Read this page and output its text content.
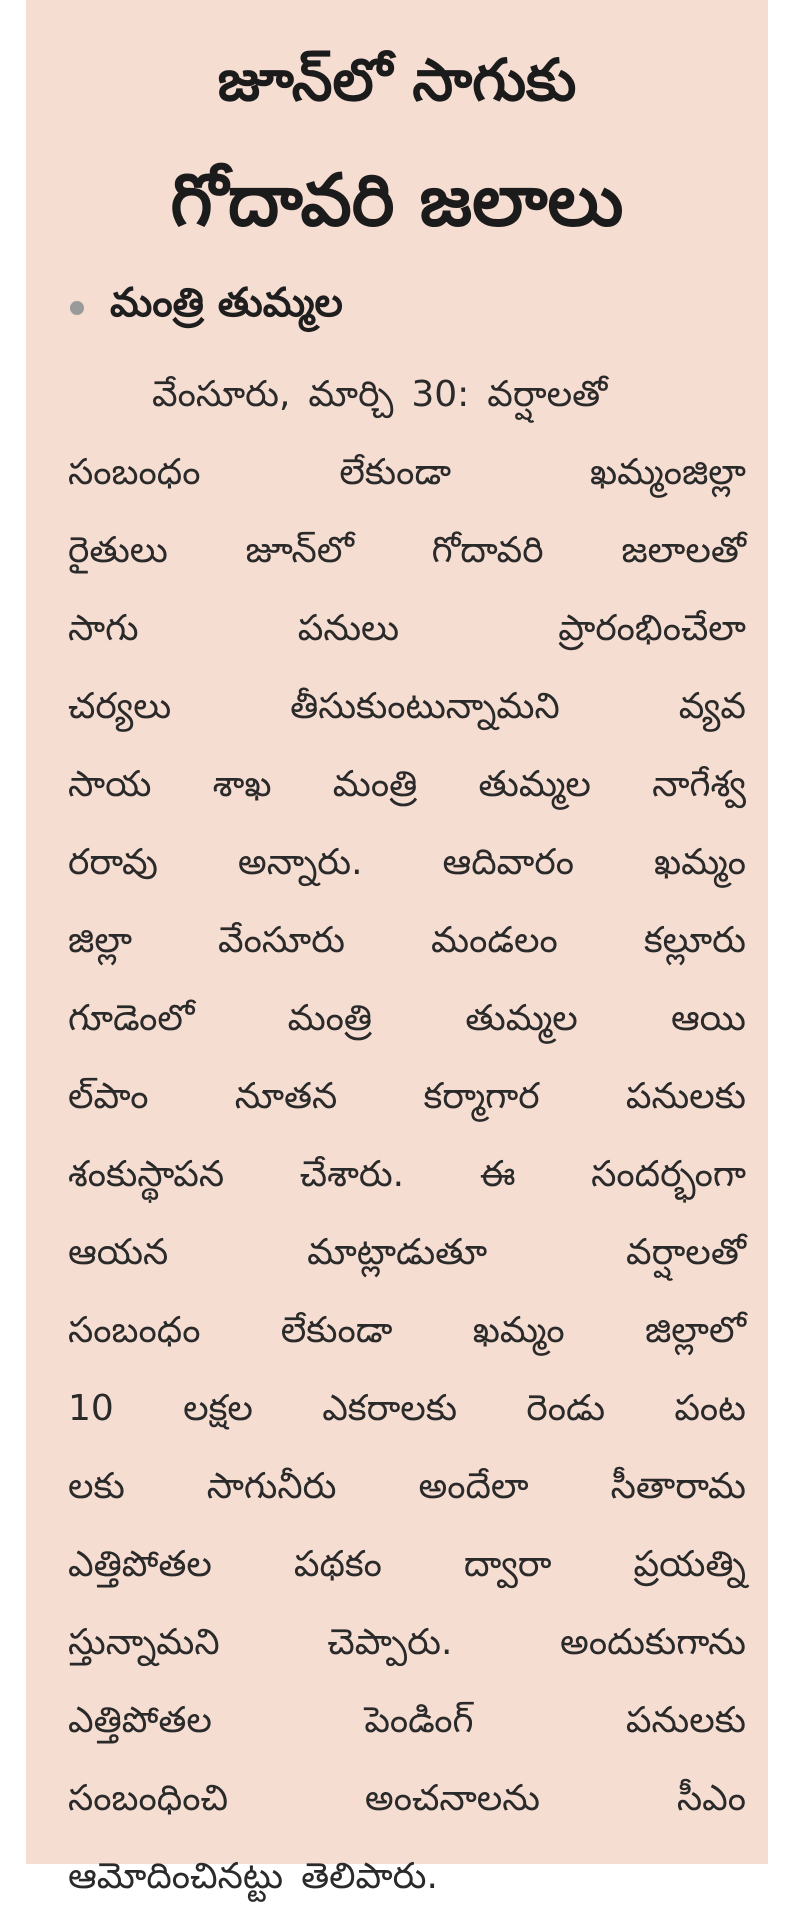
జూన్‌లో సాగుకు
గోదావరి జలాలు
మంత్రి తుమ్మల
వేంసూరు, మార్చి 30: వర్షాలతో
సంబంధం	లేకుండా	ఖమ్మంజిల్లా
రైతులు జూన్‌లో గోదావరి జలాలతో
సాగు	పనులు	ప్రారంభించేలా
చర్యలు	తీసుకుంటున్నామని	వ్యవ
సాయ శాఖ మంత్రి తుమ్మల నాగేశ్వ
రరావు అన్నారు. ఆదివారం ఖమ్మం
జిల్లా వేంసూరు మండలం కల్లూరు
గూడెంలో	మంత్రి	తుమ్మల	ఆయి
ల్‌పాం నూతన కర్మాగార పనులకు
శంకుస్థాపన చేశారు. ఈ సందర్భంగా
ఆయన	మాట్లాడుతూ	వర్షాలతో
సంబంధం లేకుండా ఖమ్మం జిల్లాలో
10 లక్షల ఎకరాలకు రెండు పంట
లకు సాగునీరు అందేలా సీతారామ
ఎత్తిపోతల పథకం ద్వారా ప్రయత్ని
స్తున్నామని	చెప్పారు.	అందుకుగాను
ఎత్తిపోతల	పెండింగ్	పనులకు
సంబంధించి	అంచనాలను	సీఎం
ఆమోదించినట్టు తెలిపారు.
